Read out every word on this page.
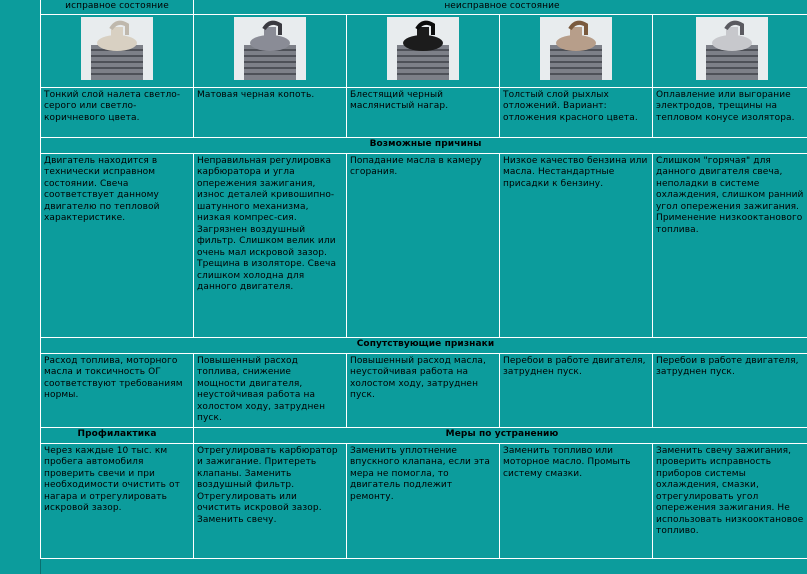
исправное состояние	неисправное состояние			

Тонкий слой налета светло-серого или светло-коричневого цвета.	Матовая черная копоть.	Блестящий черный маслянистый нагар.	Толстый слой рыхлых отложений. Вариант: отложения красного цвета.	Оплавление или выгорание электродов, трещины на тепловом конусе изолятора.
Возможные причины				
Двигатель находится в технически исправном состоянии. Свеча соответствует данному двигателю по тепловой характеристике.	Неправильная регулировка карбюратора и угла опережения зажигания, износ деталей кривошипно-шатунного механизма, низкая компрес-сия. Загрязнен воздушный фильтр. Слишком велик или очень мал искровой зазор. Трещина в изоляторе. Свеча слишком холодна для данного двигателя.	Попадание масла в камеру сгорания.	Низкое качество бензина или масла. Нестандартные присадки к бензину.	Слишком "горячая" для данного двигателя свеча, неполадки в системе охлаждения, слишком ранний угол опережения зажигания. Применение низкооктанового топлива.
Сопутствующие признаки				
Расход топлива, моторного масла и токсичность ОГ соответствуют требованиям нормы.	Повышенный расход топлива, снижение мощности двигателя, неустойчивая работа на холостом ходу, затруднен пуск.	Повышенный расход масла, неустойчивая работа на холостом ходу, затруднен пуск.	Перебои в работе двигателя, затруднен пуск.	Перебои в работе двигателя, затруднен пуск.
Профилактика	Меры по устранению			
Через каждые 10 тыс. км пробега автомобиля проверить свечи и при необходимости очистить от нагара и отрегулировать искровой зазор.	Отрегулировать карбюратор и зажигание. Притереть клапаны. Заменить воздушный фильтр. Отрегулировать или очистить искровой зазор. Заменить свечу.	Заменить уплотнение впускного клапана, если эта мера не помогла, то двигатель подлежит ремонту.	Заменить топливо или моторное масло. Промыть систему смазки.	Заменить свечу зажигания, проверить исправность приборов системы охлаждения, смазки, отрегулировать угол опережения зажигания. Не использовать низкооктановое топливо.
